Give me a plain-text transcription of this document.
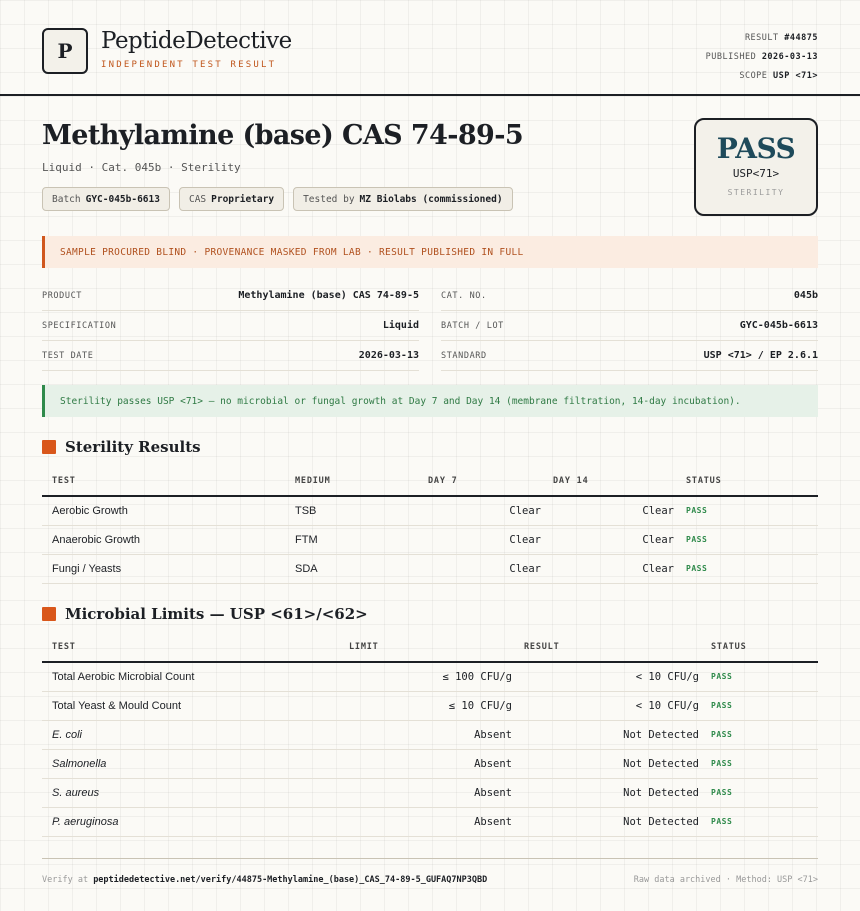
P	PeptideDetective
INDEPENDENT TEST RESULT
RESULT #44875
PUBLISHED 2026-03-13
SCOPE USP <71>
Methylamine (base) CAS 74-89-5
Liquid · Cat. 045b · Sterility
Batch GYC-045b-6613	CAS Proprietary	Tested by MZ Biolabs (commissioned)
PASS
USP<71>
STERILITY
SAMPLE PROCURED BLIND · PROVENANCE MASKED FROM LAB · RESULT PUBLISHED IN FULL
PRODUCT	Methylamine (base) CAS 74-89-5	CAT. NO.	045b
SPECIFICATION	Liquid	BATCH / LOT	GYC-045b-6613
TEST DATE	2026-03-13	STANDARD	USP <71> / EP 2.6.1
Sterility passes USP <71> — no microbial or fungal growth at Day 7 and Day 14 (membrane filtration, 14-day incubation).
Sterility Results
TEST	MEDIUM	DAY 7	DAY 14	STATUS
Aerobic Growth	TSB	Clear	Clear	PASS
Anaerobic Growth	FTM	Clear	Clear	PASS
Fungi / Yeasts	SDA	Clear	Clear	PASS
Microbial Limits — USP <61>/<62>
TEST	LIMIT	RESULT	STATUS
Total Aerobic Microbial Count	≤ 100 CFU/g	< 10 CFU/g	PASS
Total Yeast & Mould Count	≤ 10 CFU/g	< 10 CFU/g	PASS
E. coli	Absent	Not Detected	PASS
Salmonella	Absent	Not Detected	PASS
S. aureus	Absent	Not Detected	PASS
P. aeruginosa	Absent	Not Detected	PASS
Verify at peptidedetective.net/verify/44875-Methylamine_(base)_CAS_74-89-5_GUFAQ7NP3QBD	Raw data archived · Method: USP <71>
